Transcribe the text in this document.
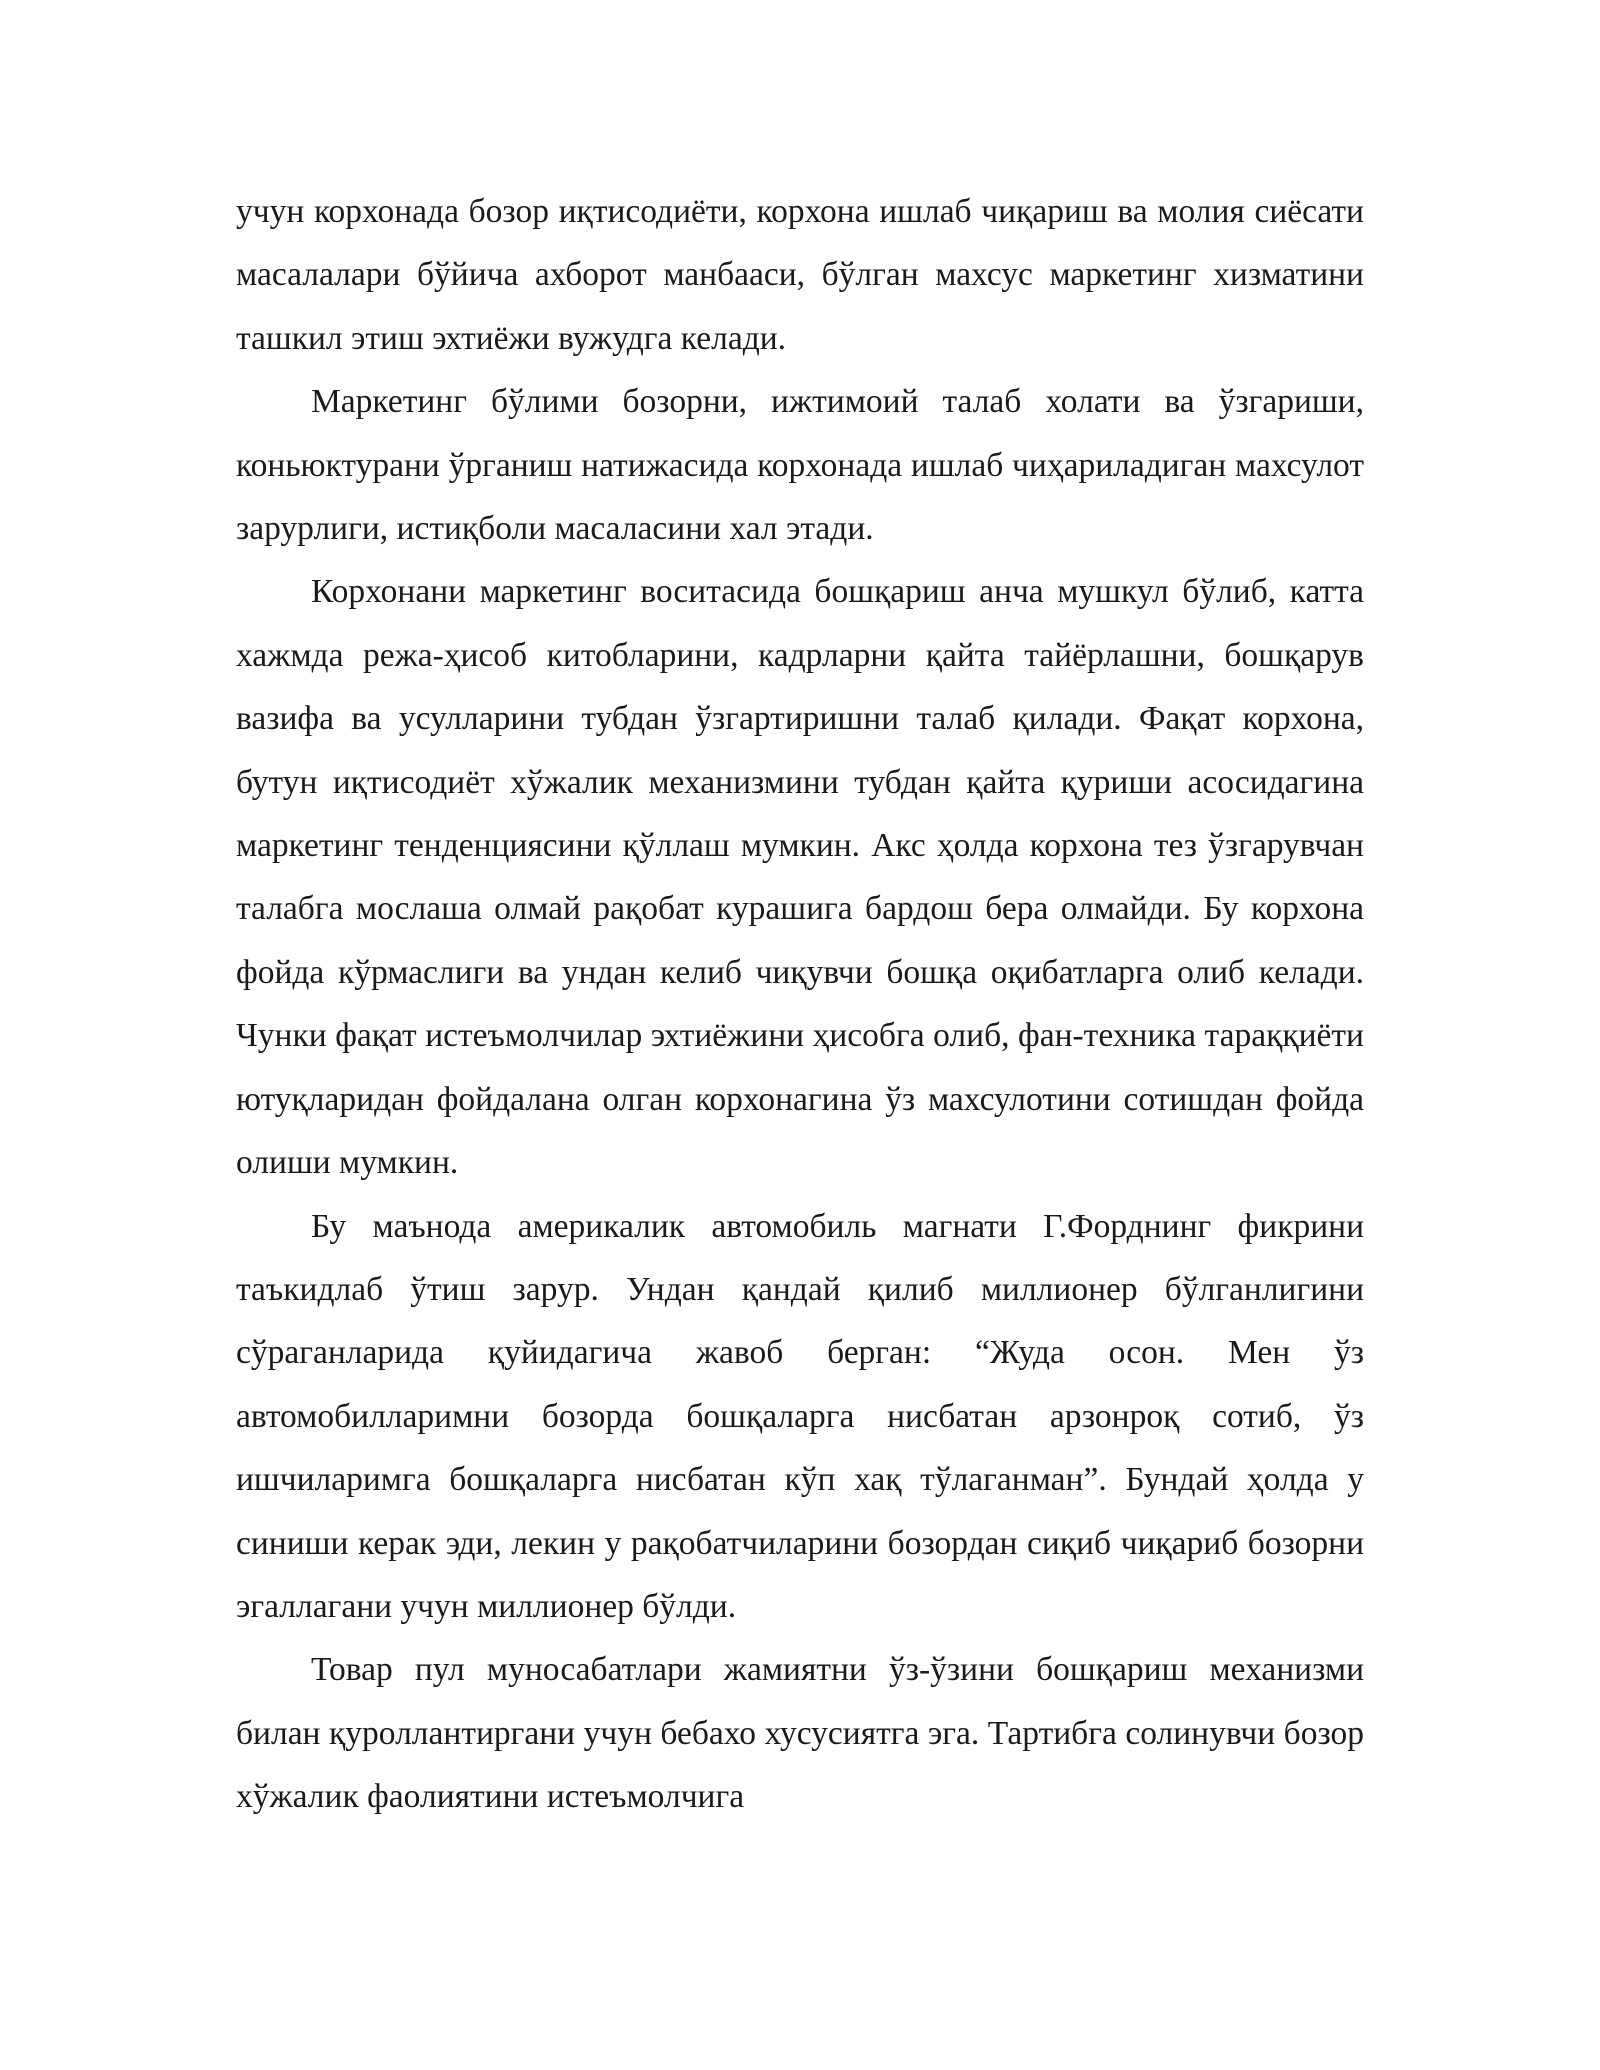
учун корхонада бозор иқтисодиёти, корхона ишлаб чиқариш ва молия сиёсати масалалари бўйича ахборот манбааси, бўлган махсус маркетинг хизматини ташкил этиш эхтиёжи вужудга келади.

Маркетинг бўлими бозорни, ижтимоий талаб холати ва ўзгариши, коньюктурани ўрганиш натижасида корхонада ишлаб чиҳариладиган махсулот зарурлиги, истиқболи масаласини хал этади.

Корхонани маркетинг воситасида бошқариш анча мушкул бўлиб, катта хажмда режа-ҳисоб китобларини, кадрларни қайта тайёрлашни, бошқарув вазифа ва усулларини тубдан ўзгартиришни талаб қилади. Фақат корхона, бутун иқтисодиёт хўжалик механизмини тубдан қайта қуриши асосидагина маркетинг тенденциясини қўллаш мумкин. Акс ҳолда корхона тез ўзгарувчан талабга мослаша олмай рақобат курашига бардош бера олмайди. Бу корхона фойда кўрмаслиги ва ундан келиб чиқувчи бошқа оқибатларга олиб келади. Чунки фақат истеъмолчилар эхтиёжини ҳисобга олиб, фан-техника тараққиёти ютуқларидан фойдалана олган корхонагина ўз махсулотини сотишдан фойда олиши мумкин.

Бу маънода америкалик автомобиль магнати Г.Форднинг фикрини таъкидлаб ўтиш зарур. Ундан қандай қилиб миллионер бўлганлигини сўраганларида қуйидагича жавоб берган: “Жуда осон. Мен ўз автомобилларимни бозорда бошқаларга нисбатан арзонроқ сотиб, ўз ишчиларимга бошқаларга нисбатан кўп хақ тўлаганман”. Бундай ҳолда у синиши керак эди, лекин у рақобатчиларини бозордан сиқиб чиқариб бозорни эгаллагани учун миллионер бўлди.

Товар пул муносабатлари жамиятни ўз-ўзини бошқариш механизми билан қуроллантиргани учун бебахо хусусиятга эга. Тартибга солинувчи бозор хўжалик фаолиятини истеъмолчига
